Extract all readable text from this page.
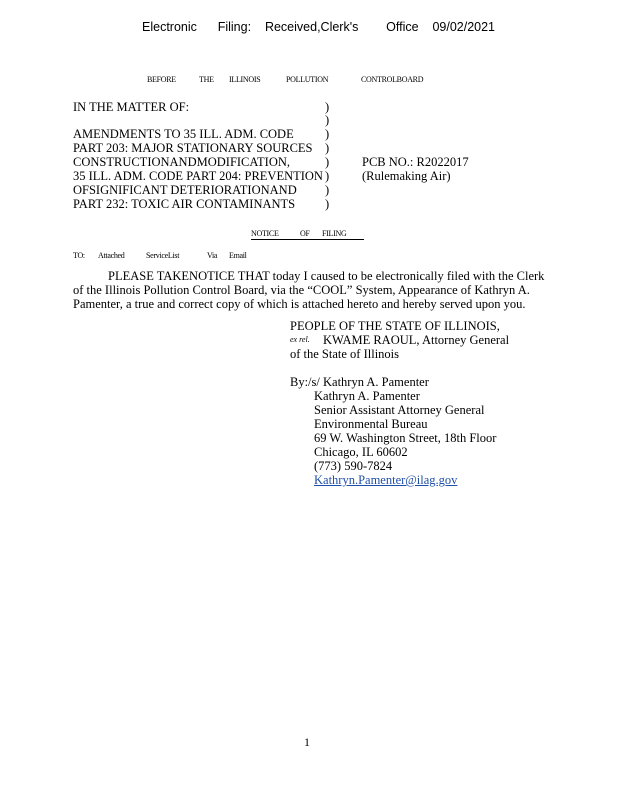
Electronic      Filing:    Received,Clerk's        Office    09/02/2021
BEFORE	THE ILLINOIS	POLLUTION	CONTROLBOARD
IN THE MATTER OF:
AMENDMENTS TO 35 ILL. ADM. CODE
PART 203: MAJOR STATIONARY SOURCES
CONSTRUCTIONANDMODIFICATION,
35 ILL. ADM. CODE PART 204: PREVENTION
OFSIGNIFICANT DETERIORATIONAND
PART 232: TOXIC AIR CONTAMINANTS
)
)
)
)
)
)
)
)
PCB NO.: R2022017
(Rulemaking Air)
NOTICE	OF FILING
TO: Attached	ServiceList	Via Email
PLEASE TAKENOTICE THAT today I caused to be electronically filed with the Clerk
of the Illinois Pollution Control Board, via the “COOL” System, Appearance of Kathryn A.
Pamenter, a true and correct copy of which is attached hereto and hereby served upon you.
PEOPLE OF THE STATE OF ILLINOIS,
ex rel. KWAME RAOUL, Attorney General
of the State of Illinois
By:/s/ Kathryn A. Pamenter
Kathryn A. Pamenter
Senior Assistant Attorney General
Environmental Bureau
69 W. Washington Street, 18th Floor
Chicago, IL 60602
(773) 590-7824
Kathryn.Pamenter@ilag.gov
1
